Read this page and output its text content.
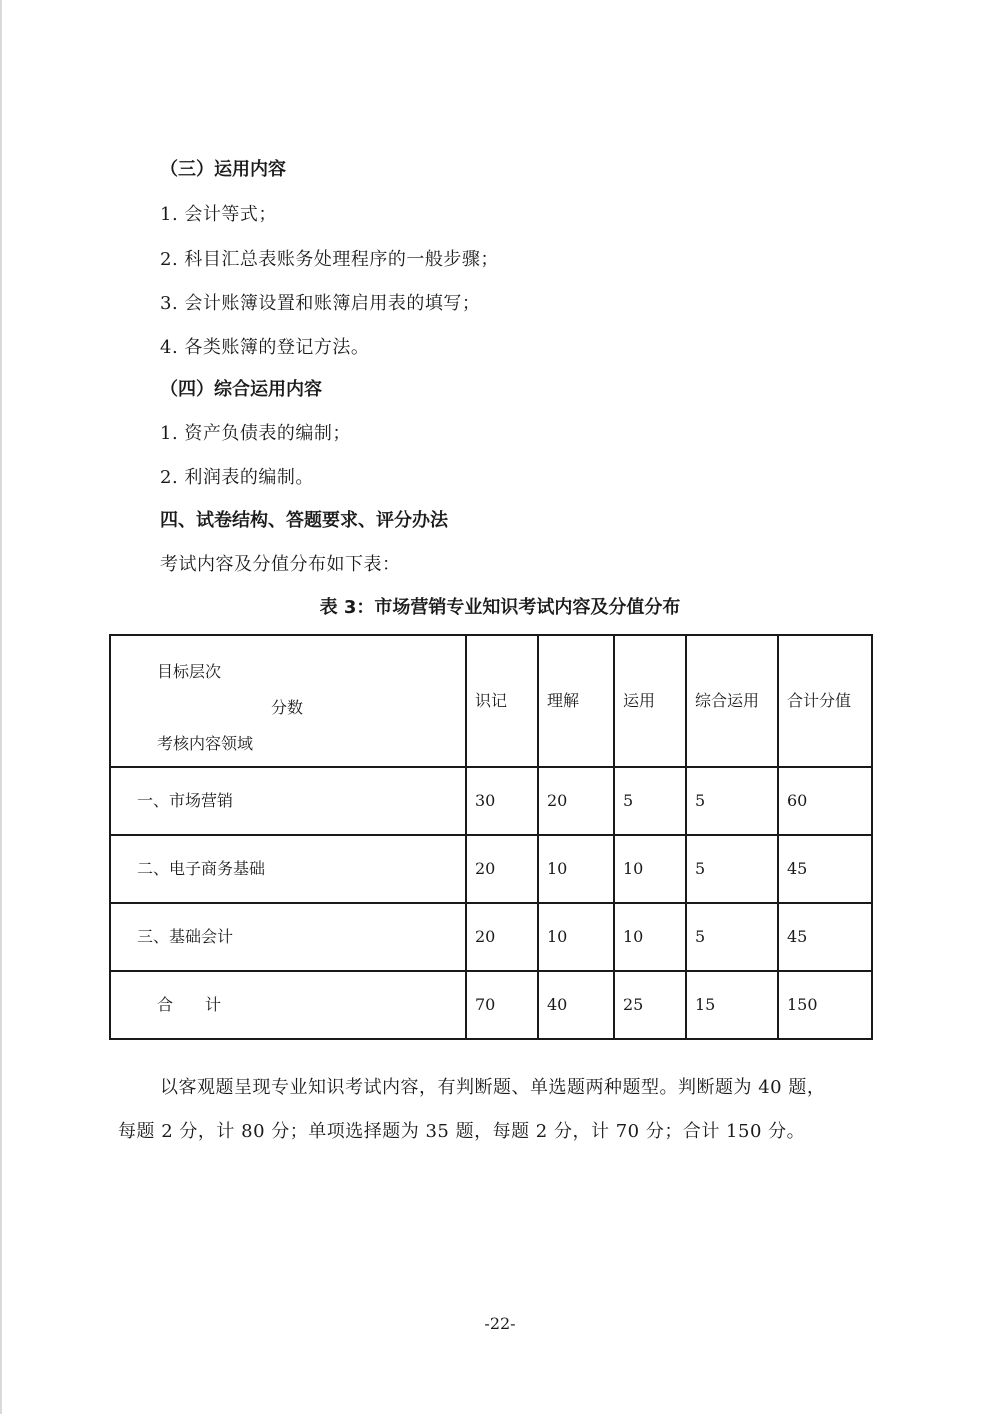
（三）运用内容
1. 会计等式；
2. 科目汇总表账务处理程序的一般步骤；
3. 会计账簿设置和账簿启用表的填写；
4. 各类账簿的登记方法。
（四）综合运用内容
1. 资产负债表的编制；
2. 利润表的编制。
四、试卷结构、答题要求、评分办法
考试内容及分值分布如下表：
表 3：市场营销专业知识考试内容及分值分布
目标层次
分数
考核内容领域	识记	理解	运用	综合运用	合计分值
一、市场营销	30	20	5	5	60
二、电子商务基础	20	10	10	5	45
三、基础会计	20	10	10	5	45
合　　计	70	40	25	15	150
以客观题呈现专业知识考试内容，有判断题、单选题两种题型。判断题为 40 题，
每题 2 分，计 80 分；单项选择题为 35 题，每题 2 分，计 70 分；合计 150 分。
-22-
